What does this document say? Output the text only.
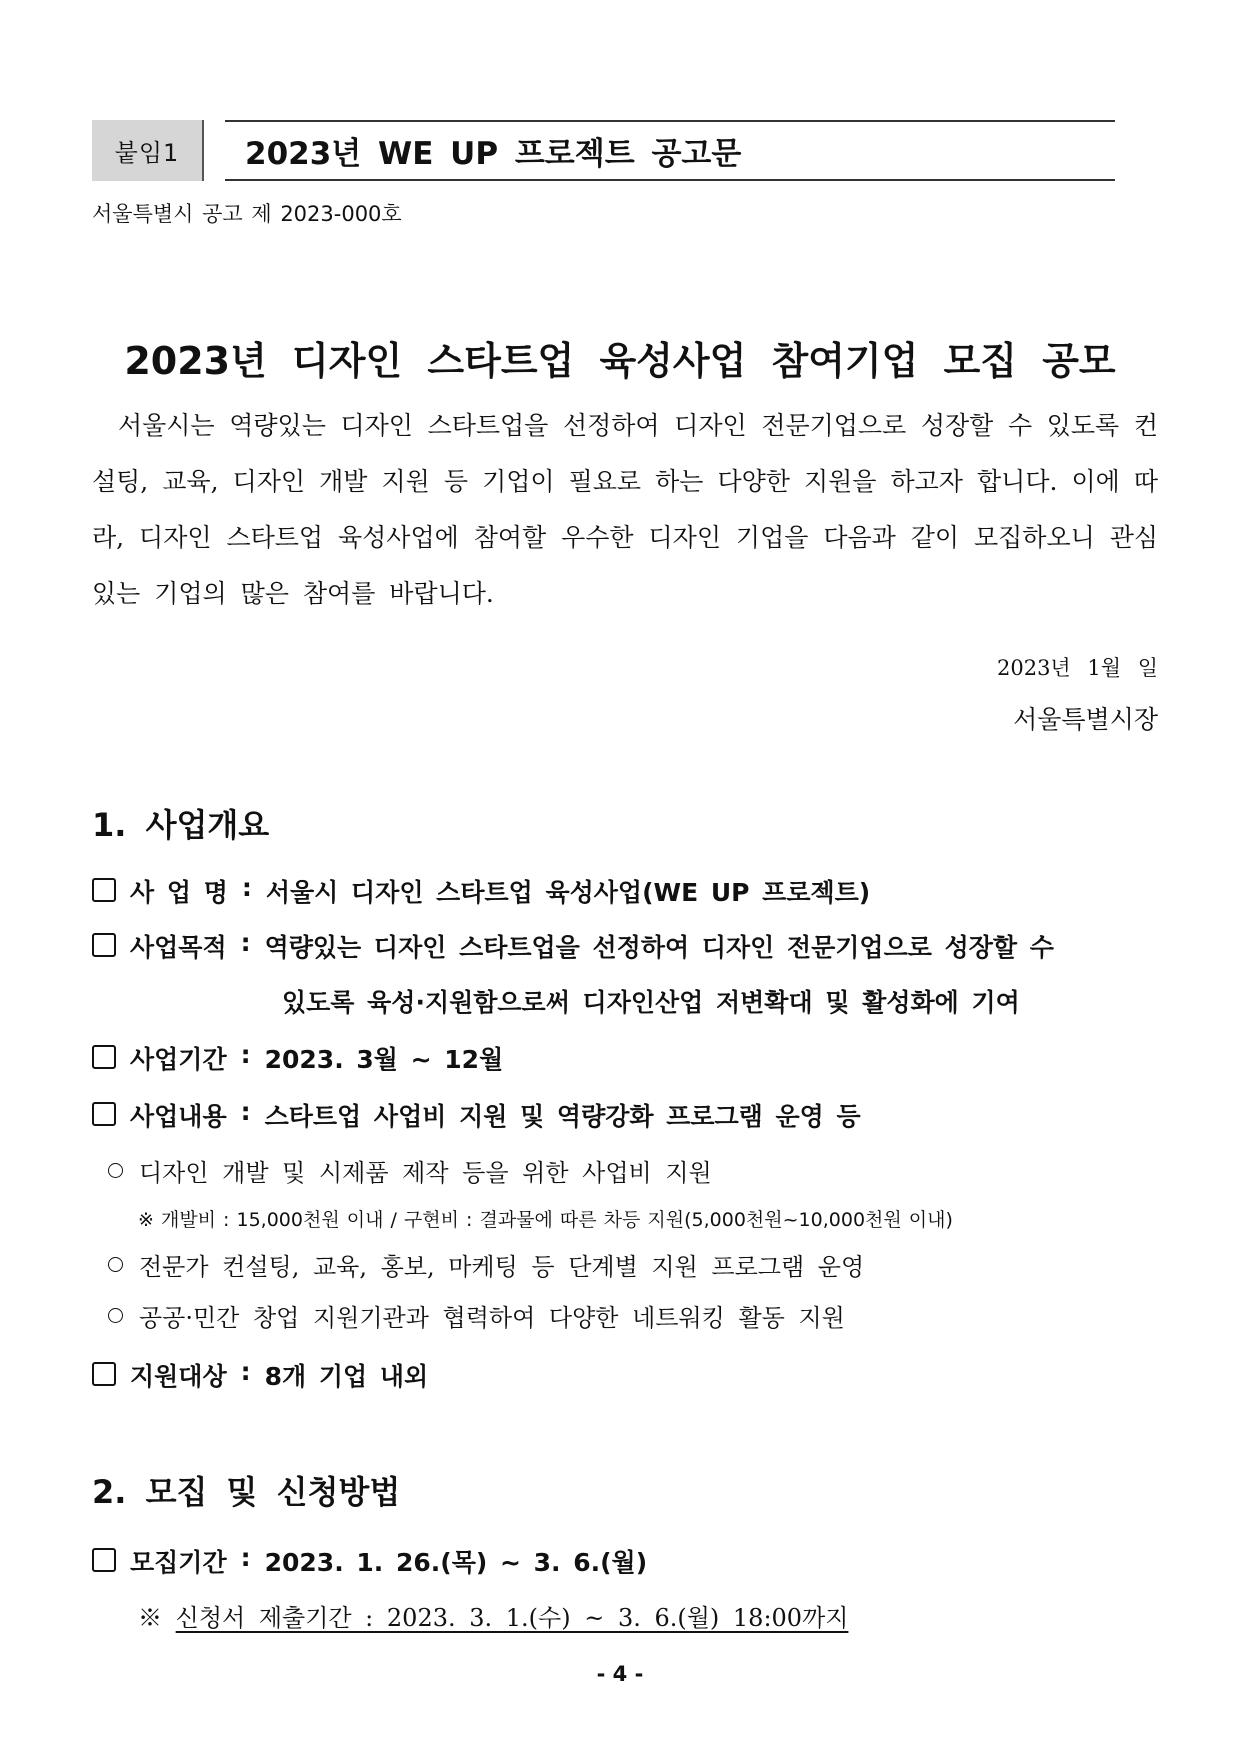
붙임1	2023년 WE UP 프로젝트 공고문
서울특별시 공고 제 2023-000호
2023년 디자인 스타트업 육성사업 참여기업 모집 공모
서울시는 역량있는 디자인 스타트업을 선정하여 디자인 전문기업으로 성장할 수 있도록 컨설팅, 교육, 디자인 개발 지원 등 기업이 필요로 하는 다양한 지원을 하고자 합니다. 이에 따라, 디자인 스타트업 육성사업에 참여할 우수한 디자인 기업을 다음과 같이 모집하오니 관심있는 기업의 많은 참여를 바랍니다.
2023년 1월 일
서울특별시장
1. 사업개요
사 업 명 : 서울시 디자인 스타트업 육성사업(WE UP 프로젝트)
사업목적 : 역량있는 디자인 스타트업을 선정하여 디자인 전문기업으로 성장할 수
있도록 육성·지원함으로써 디자인산업 저변확대 및 활성화에 기여
사업기간 : 2023. 3월 ~ 12월
사업내용 : 스타트업 사업비 지원 및 역량강화 프로그램 운영 등
디자인 개발 및 시제품 제작 등을 위한 사업비 지원
※ 개발비 : 15,000천원 이내 / 구현비 : 결과물에 따른 차등 지원(5,000천원~10,000천원 이내)
전문가 컨설팅, 교육, 홍보, 마케팅 등 단계별 지원 프로그램 운영
공공·민간 창업 지원기관과 협력하여 다양한 네트워킹 활동 지원
지원대상 : 8개 기업 내외
2. 모집 및 신청방법
모집기간 : 2023. 1. 26.(목) ~ 3. 6.(월)
※ 신청서 제출기간 : 2023. 3. 1.(수) ~ 3. 6.(월) 18:00까지
- 4 -
